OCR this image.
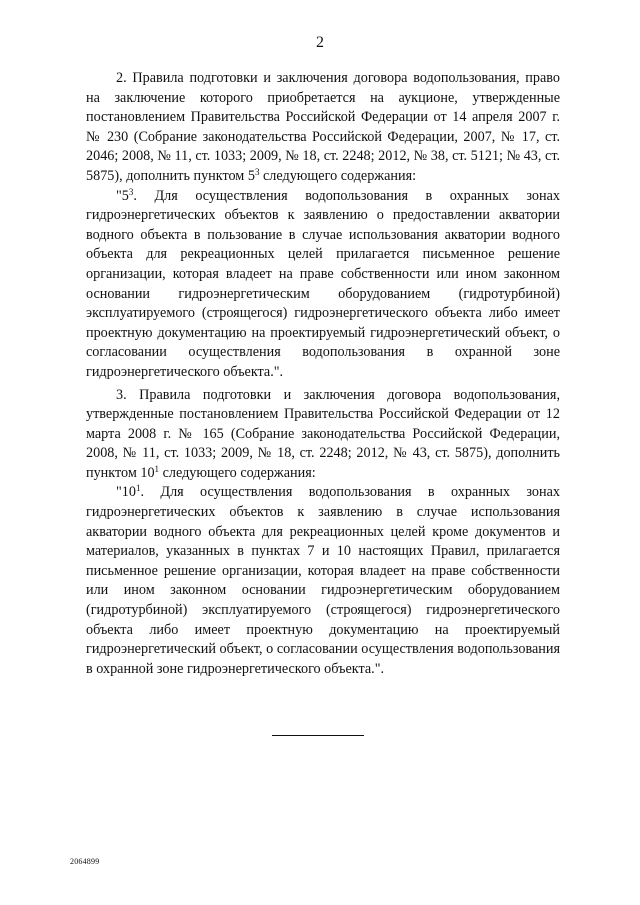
2

2. Правила подготовки и заключения договора водопользования, право на заключение которого приобретается на аукционе, утвержденные постановлением Правительства Российской Федерации от 14 апреля 2007 г. № 230 (Собрание законодательства Российской Федерации, 2007, № 17, ст. 2046; 2008, № 11, ст. 1033; 2009, № 18, ст. 2248; 2012, № 38, ст. 5121; № 43, ст. 5875), дополнить пунктом $5^3$ следующего содержания:

"$5^3$. Для осуществления водопользования в охранных зонах гидроэнергетических объектов к заявлению о предоставлении акватории водного объекта в пользование в случае использования акватории водного объекта для рекреационных целей прилагается письменное решение организации, которая владеет на праве собственности или ином законном основании гидроэнергетическим оборудованием (гидротурбиной) эксплуатируемого (строящегося) гидроэнергетического объекта либо имеет проектную документацию на проектируемый гидроэнергетический объект, о согласовании осуществления водопользования в охранной зоне гидроэнергетического объекта.".

3. Правила подготовки и заключения договора водопользования, утвержденные постановлением Правительства Российской Федерации от 12 марта 2008 г. № 165 (Собрание законодательства Российской Федерации, 2008, № 11, ст. 1033; 2009, № 18, ст. 2248; 2012, № 43, ст. 5875), дополнить пунктом $10^1$ следующего содержания:

"$10^1$. Для осуществления водопользования в охранных зонах гидроэнергетических объектов к заявлению в случае использования акватории водного объекта для рекреационных целей кроме документов и материалов, указанных в пунктах 7 и 10 настоящих Правил, прилагается письменное решение организации, которая владеет на праве собственности или ином законном основании гидроэнергетическим оборудованием (гидротурбиной) эксплуатируемого (строящегося) гидроэнергетического объекта либо имеет проектную документацию на проектируемый гидроэнергетический объект, о согласовании осуществления водопользования в охранной зоне гидроэнергетического объекта.".

2064899
